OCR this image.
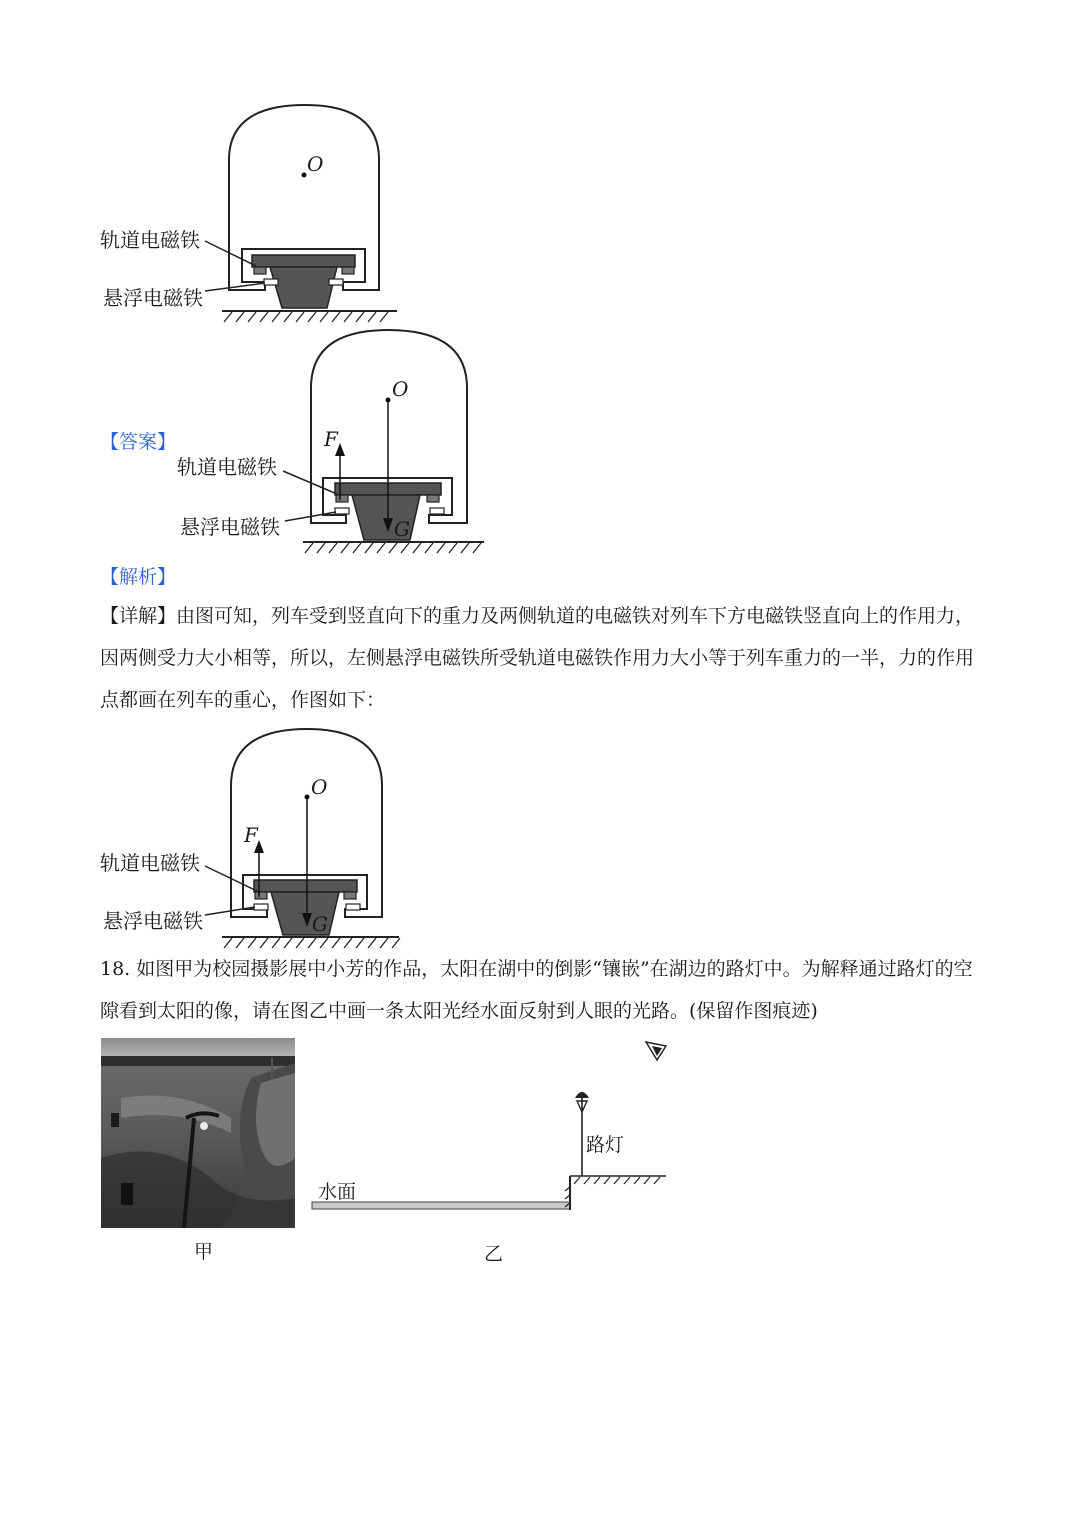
O
轨道电磁铁
悬浮电磁铁
【答案】
O
F
G
轨道电磁铁
悬浮电磁铁
【解析】
【详解】由图可知，列车受到竖直向下的重力及两侧轨道的电磁铁对列车下方电磁铁竖直向上的作用力，
因两侧受力大小相等，所以，左侧悬浮电磁铁所受轨道电磁铁作用力大小等于列车重力的一半，力的作用
点都画在列车的重心，作图如下：
O
F
G
轨道电磁铁
悬浮电磁铁
18. 如图甲为校园摄影展中小芳的作品，太阳在湖中的倒影“镶嵌”在湖边的路灯中。为解释通过路灯的空
隙看到太阳的像，请在图乙中画一条太阳光经水面反射到人眼的光路。(保留作图痕迹)
甲
路灯
水面
乙
